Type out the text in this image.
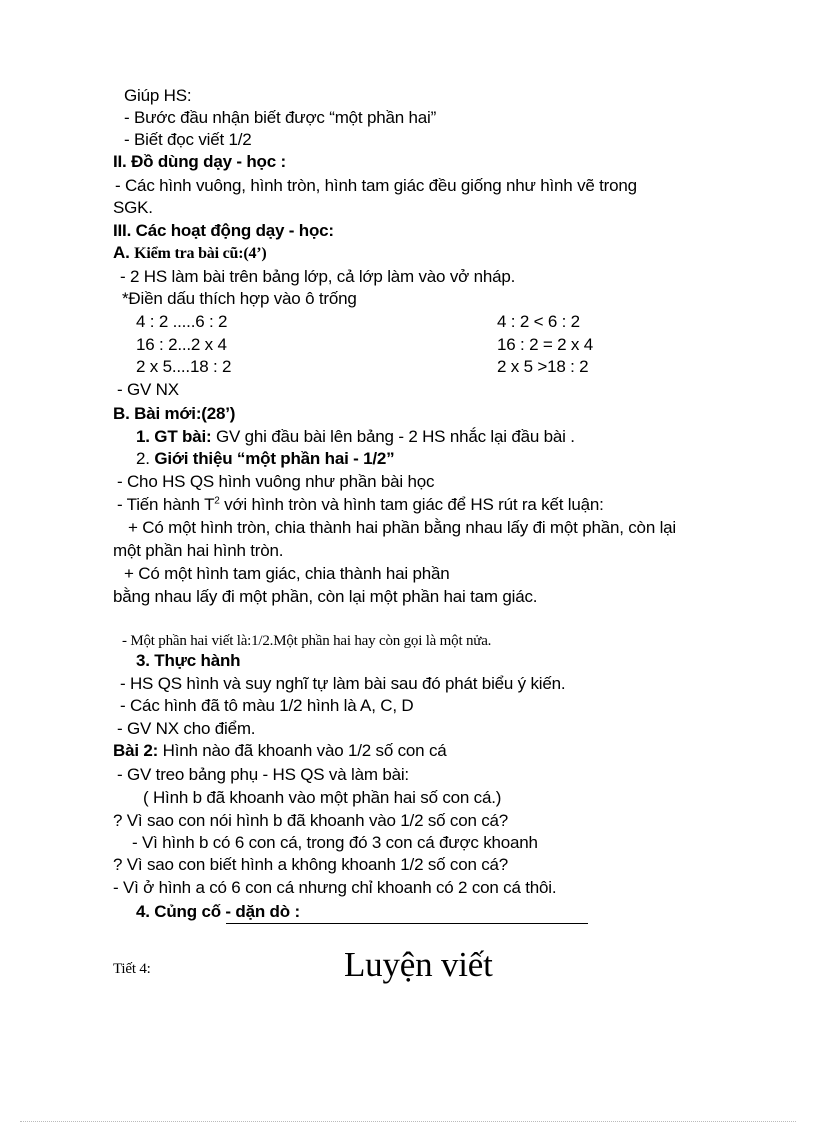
Giúp HS:
- Bước đầu nhận biết được “một phần hai”
- Biết đọc viết 1/2
II. Đồ dùng dạy - học :
- Các hình vuông, hình tròn, hình tam giác đều giống như hình vẽ trong
SGK.
III. Các hoạt động dạy - học:
A. Kiểm tra bài cũ:(4’)
- 2 HS làm bài trên bảng lớp, cả lớp làm vào vở nháp.
*Điền dấu thích hợp vào ô trống
4 : 2 .....6 : 2	4 : 2 < 6 : 2
16 : 2...2 x 4	16 : 2 = 2 x 4
2 x 5....18 : 2	2 x 5 >18 : 2
- GV NX
B. Bài mới:(28’)
1. GT bài: GV ghi đầu bài lên bảng - 2 HS nhắc lại đầu bài .
2. Giới thiệu “một phần hai - 1/2”
- Cho HS QS hình vuông như phần bài học
- Tiến hành $T^2$ với hình tròn và hình tam giác để HS rút ra kết luận:
+ Có một hình tròn, chia thành hai phần bằng nhau lấy đi một phần, còn lại
một phần hai hình tròn.
+ Có một hình tam giác, chia thành hai phần
bằng nhau lấy đi một phần, còn lại một phần hai tam giác.
- Một phần hai viết là:1/2.Một phần hai hay còn gọi là một nửa.
3. Thực hành
- HS QS hình và suy nghĩ tự làm bài sau đó phát biểu ý kiến.
- Các hình đã tô màu 1/2 hình là A, C, D
- GV NX cho điểm.
Bài 2: Hình nào đã khoanh vào 1/2 số con cá
- GV treo bảng phụ - HS QS và làm bài:
( Hình b đã khoanh vào một phần hai số con cá.)
? Vì sao con nói hình b đã khoanh vào 1/2 số con cá?
- Vì hình b có 6 con cá, trong đó 3 con cá được khoanh
? Vì sao con biết hình a không khoanh 1/2 số con cá?
- Vì ở hình a có 6 con cá nhưng chỉ khoanh có 2 con cá thôi.
4. Củng cố - dặn dò :
Tiết 4:	Luyện viết
